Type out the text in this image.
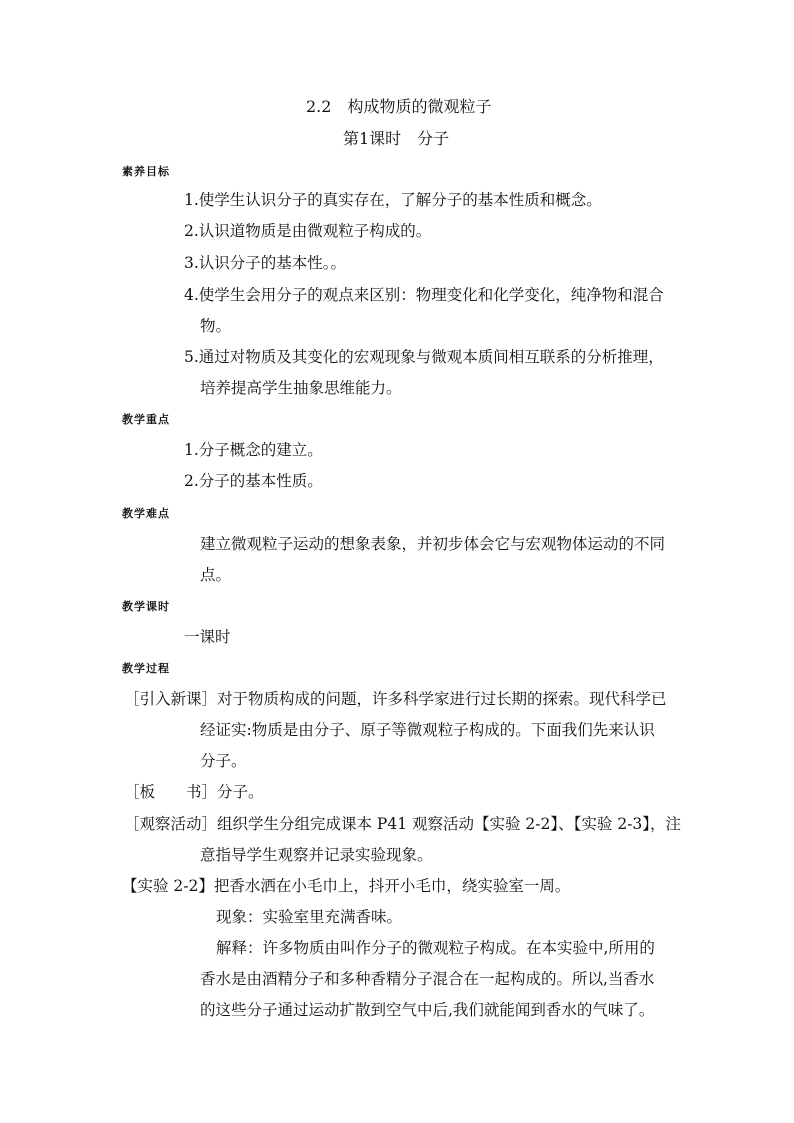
2.2　构成物质的微观粒子
第1课时　分子
素养目标
1.使学生认识分子的真实存在，了解分子的基本性质和概念。
2.认识道物质是由微观粒子构成的。
3.认识分子的基本性。。
4.使学生会用分子的观点来区别：物理变化和化学变化，纯净物和混合
物。
5.通过对物质及其变化的宏观现象与微观本质间相互联系的分析推理，
培养提高学生抽象思维能力。
教学重点
1.分子概念的建立。
2.分子的基本性质。
教学难点
建立微观粒子运动的想象表象，并初步体会它与宏观物体运动的不同
点。
教学课时
一课时
教学过程
［引入新课］对于物质构成的问题，许多科学家进行过长期的探索。现代科学已
经证实:物质是由分子、原子等微观粒子构成的。下面我们先来认识
分子。
［板　　书］分子。
［观察活动］组织学生分组完成课本 P41 观察活动【实验 2-2】、【实验 2-3】，注
意指导学生观察并记录实验现象。
【实验 2-2】把香水洒在小毛巾上，抖开小毛巾，绕实验室一周。
现象：实验室里充满香味。
解释：许多物质由叫作分子的微观粒子构成。在本实验中,所用的
香水是由酒精分子和多种香精分子混合在一起构成的。所以,当香水
的这些分子通过运动扩散到空气中后,我们就能闻到香水的气味了。
